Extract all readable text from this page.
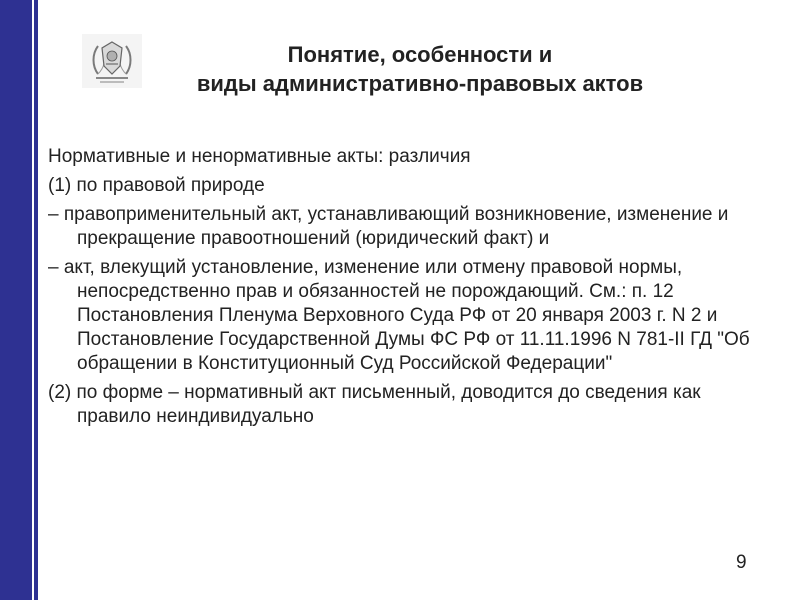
Понятие, особенности и
виды административно-правовых актов
Нормативные и ненормативные акты: различия
(1) по правовой природе
– правоприменительный акт, устанавливающий возникновение, изменение и прекращение правоотношений (юридический факт) и
– акт, влекущий установление, изменение или отмену правовой нормы, непосредственно прав и обязанностей не порождающий. См.: п. 12 Постановления Пленума Верховного Суда РФ от 20 января 2003 г. N 2 и Постановление Государственной Думы ФС РФ от 11.11.1996 N 781-II ГД "Об обращении в Конституционный Суд Российской Федерации"
(2) по форме – нормативный акт письменный, доводится до сведения как правило неиндивидуально
9
